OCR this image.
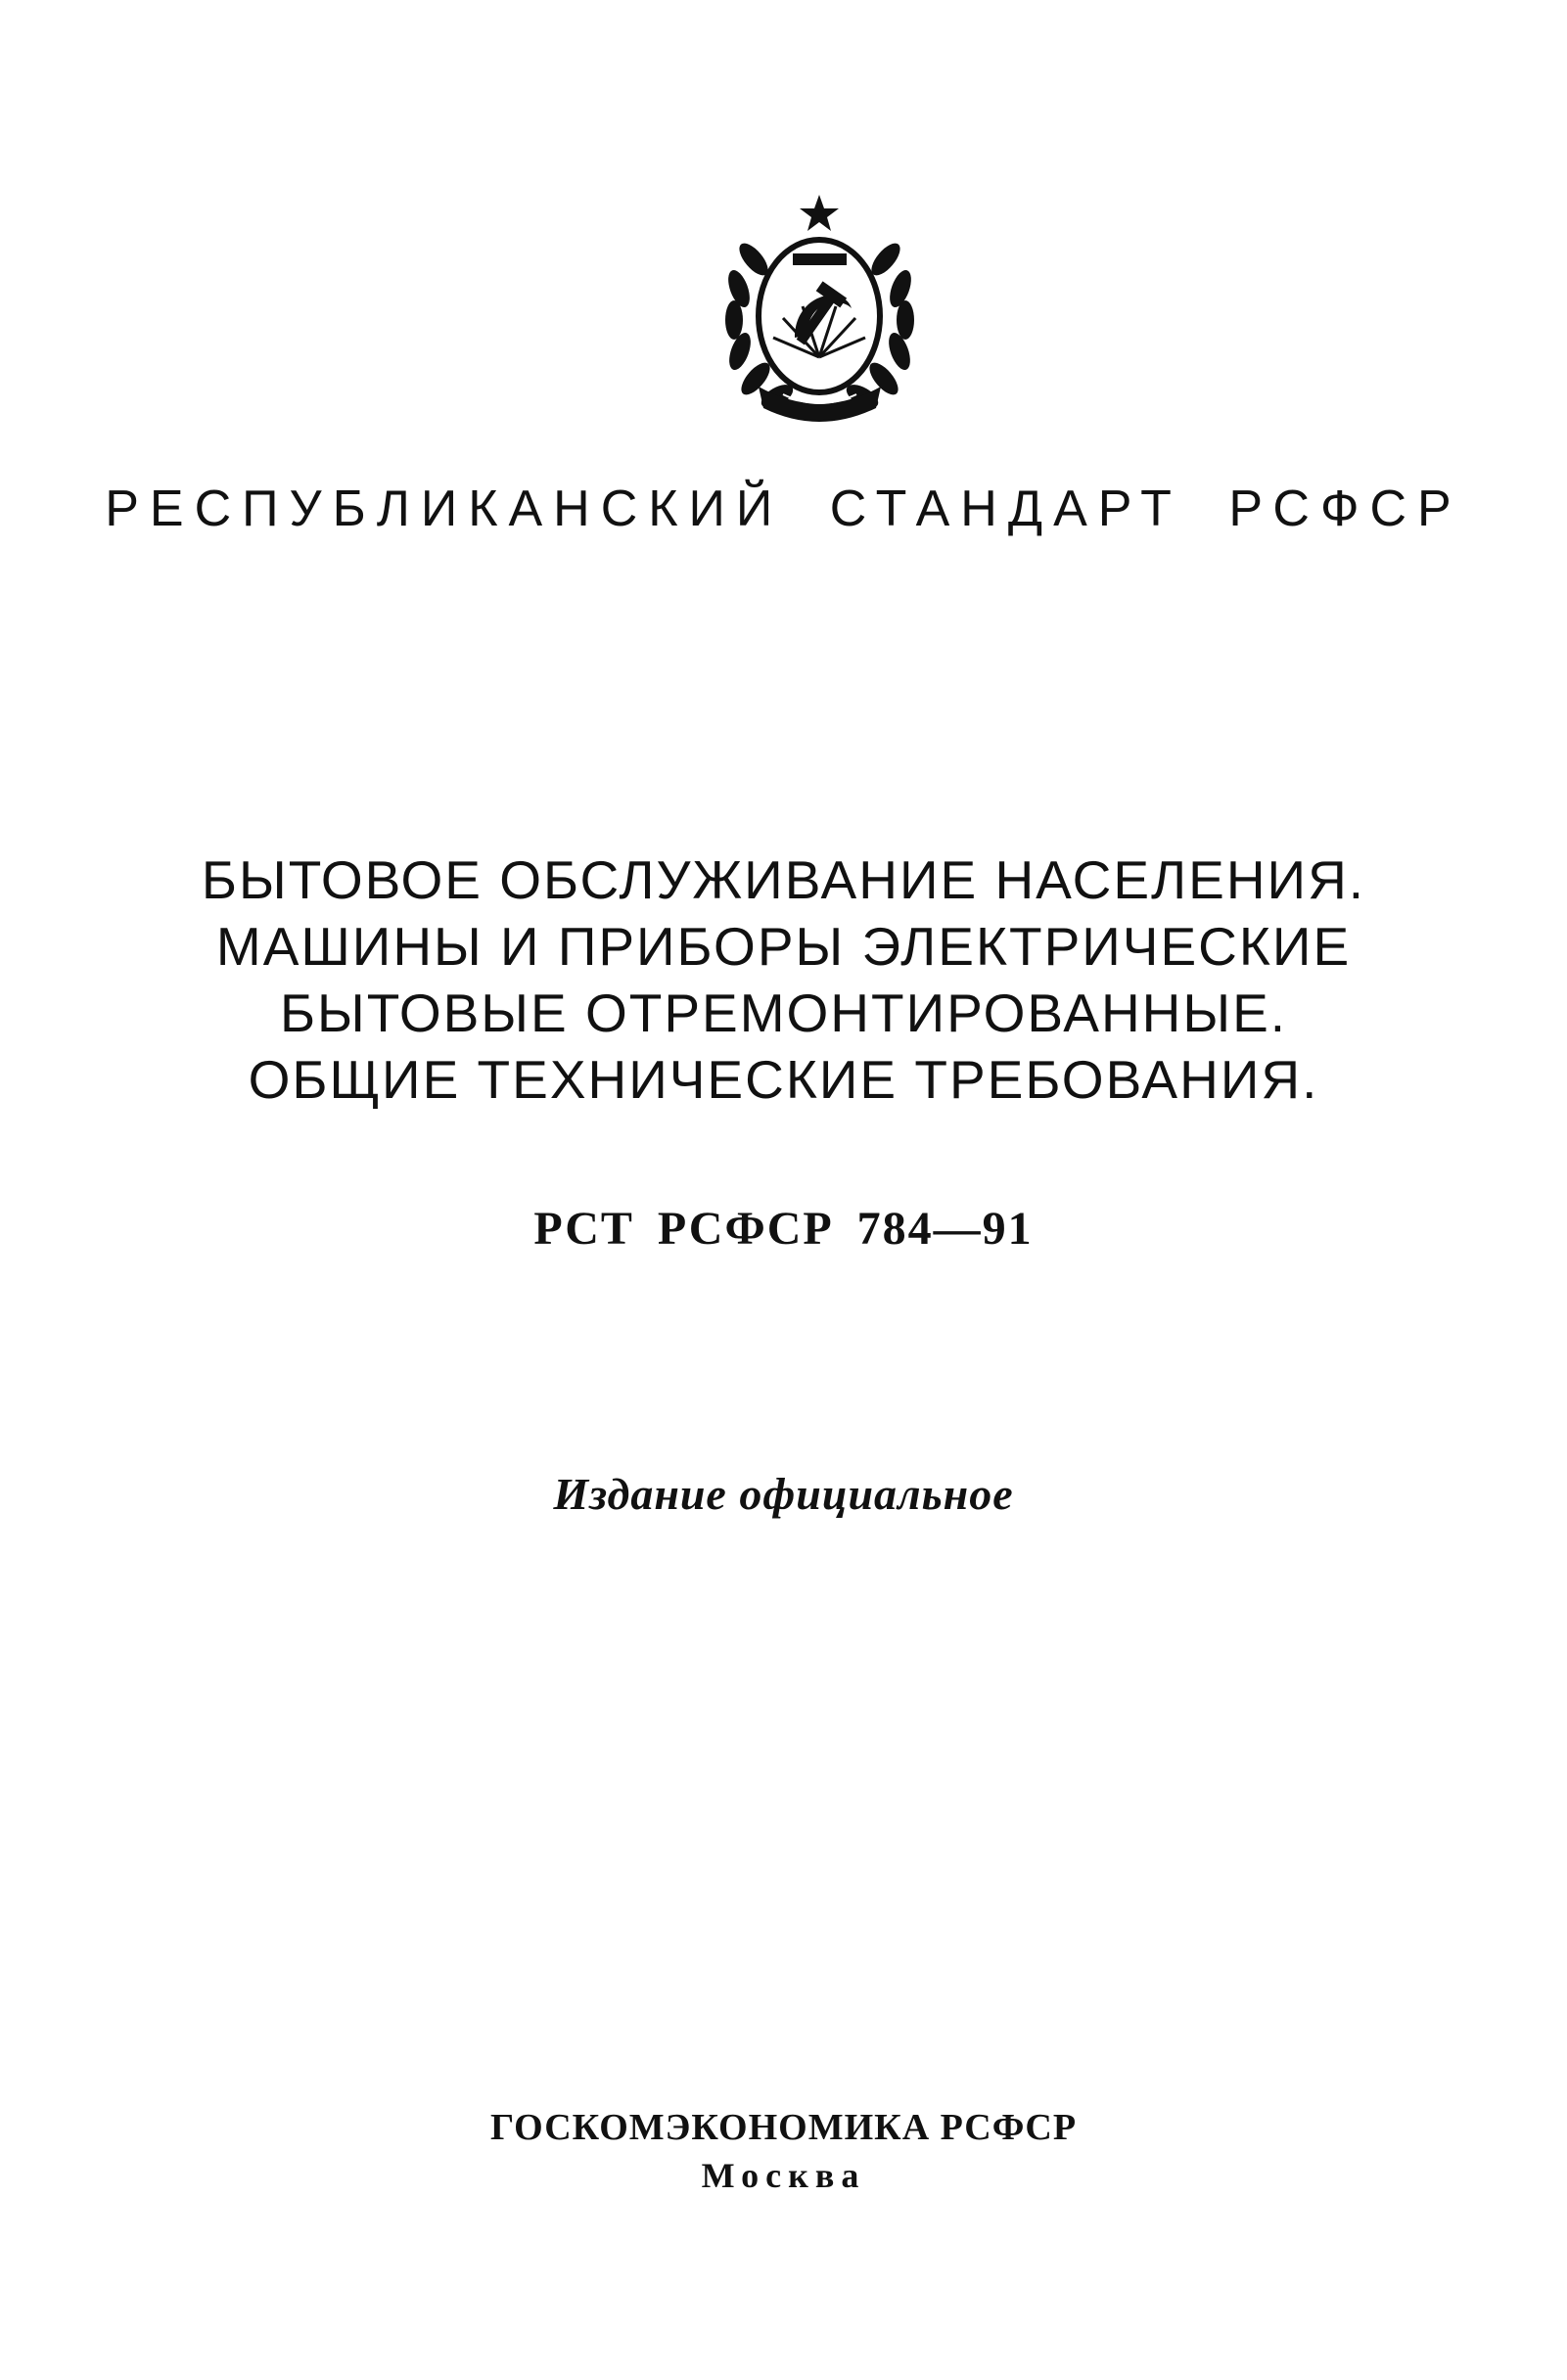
РЕСПУБЛИКАНСКИЙ СТАНДАРТ РСФСР
БЫТОВОЕ ОБСЛУЖИВАНИЕ НАСЕЛЕНИЯ.
МАШИНЫ И ПРИБОРЫ ЭЛЕКТРИЧЕСКИЕ
БЫТОВЫЕ ОТРЕМОНТИРОВАННЫЕ.
ОБЩИЕ ТЕХНИЧЕСКИЕ ТРЕБОВАНИЯ.
РСТ РСФСР 784—91
Издание официальное
ГОСКОМЭКОНОМИКА РСФСР
Москва
